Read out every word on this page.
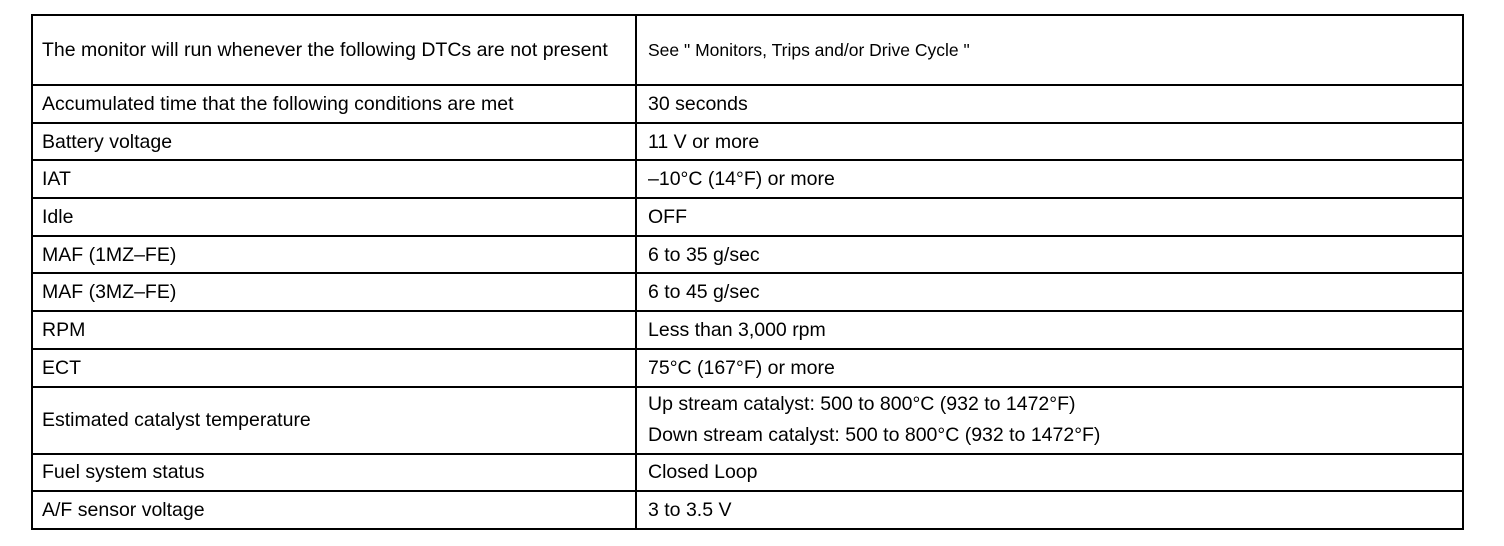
The monitor will run whenever the following DTCs are not present	See " Monitors, Trips and/or Drive Cycle "

Accumulated time that the following conditions are met	30 seconds
Battery voltage	11 V or more
IAT	–10°C (14°F) or more
Idle	OFF
MAF (1MZ–FE)	6 to 35 g/sec
MAF (3MZ–FE)	6 to 45 g/sec
RPM	Less than 3,000 rpm
ECT	75°C (167°F) or more
Estimated catalyst temperature	Up stream catalyst: 500 to 800°C (932 to 1472°F)
Down stream catalyst: 500 to 800°C (932 to 1472°F)

Fuel system status	Closed Loop
A/F sensor voltage	3 to 3.5 V
